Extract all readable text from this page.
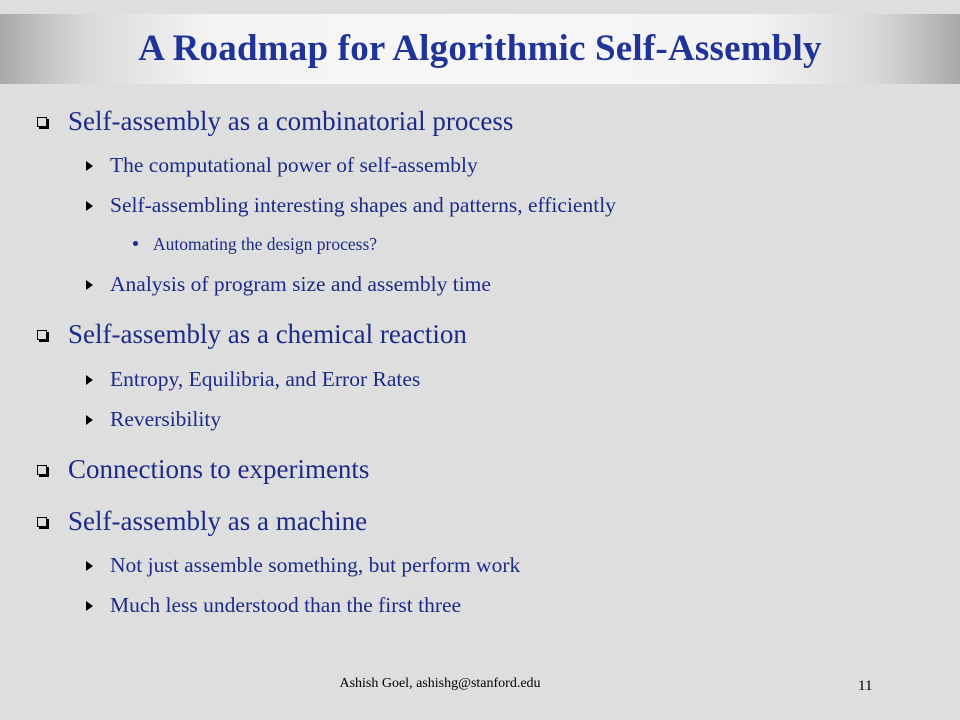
A Roadmap for Algorithmic Self-Assembly
Self-assembly as a combinatorial process
The computational power of self-assembly
Self-assembling interesting shapes and patterns, efficiently
Automating the design process?
Analysis of program size and assembly time
Self-assembly as a chemical reaction
Entropy, Equilibria, and Error Rates
Reversibility
Connections to experiments
Self-assembly as a machine
Not just assemble something, but perform work
Much less understood than the first three
Ashish Goel, ashishg@stanford.edu	11
